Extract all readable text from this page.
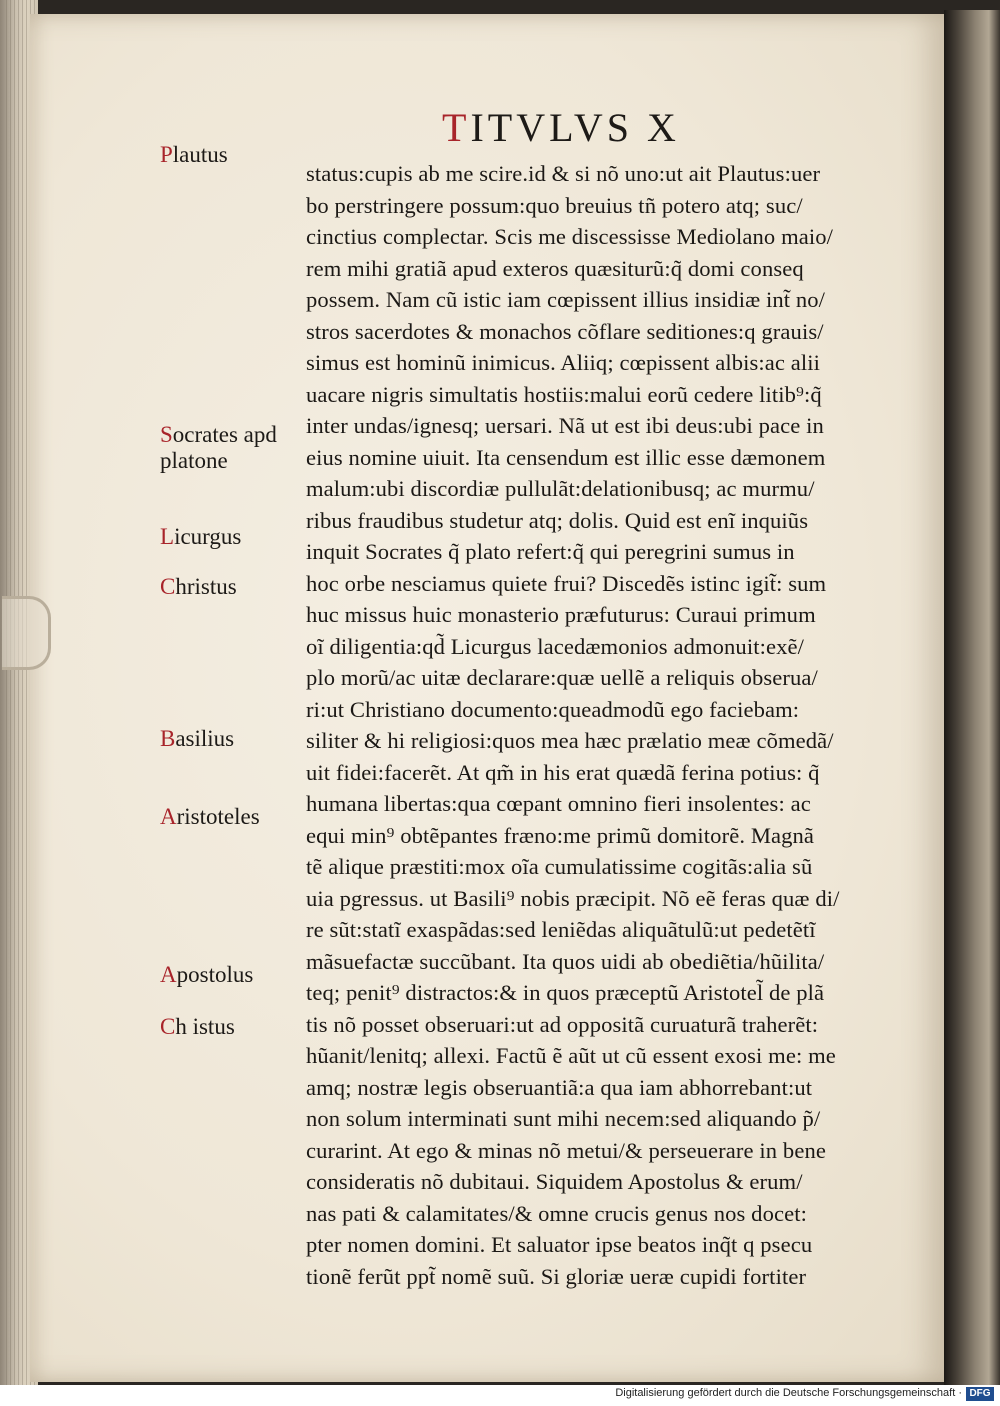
TITVLVS X
Plautus
Socrates apd
platone
Licurgus
Christus
Basilius
Aristoteles
Apostolus
Ch istus
status:cupis ab me scire.id & si nõ uno:ut ait Plautus:uer
bo perstringere possum:quo breuius tñ potero atq; suc/
cinctius complectar. Scis me discessisse Mediolano maio/
rem mihi gratiã apud exteros quæsiturũ:q̃ domi conseq
possem. Nam cũ istic iam cœpissent illius insidiæ int̃ no/
stros sacerdotes & monachos cõflare seditiones:q grauis/
simus est hominũ inimicus. Aliiq; cœpissent albis:ac alii
uacare nigris simultatis hostiis:malui eorũ cedere litib⁹:q̃
inter undas/ignesq; uersari. Nã ut est ibi deus:ubi pace in
eius nomine uiuit. Ita censendum est illic esse dæmonem
malum:ubi discordiæ pullulãt:delationibusq; ac murmu/
ribus fraudibus studetur atq; dolis. Quid est enĩ inquiũs
inquit Socrates q̃ plato refert:q̃ qui peregrini sumus in
hoc orbe nesciamus quiete frui? Discedẽs istinc igit̃: sum
huc missus huic monasterio præfuturus: Curaui primum
oĩ diligentia:qd̃ Licurgus lacedæmonios admonuit:exẽ/
plo morũ/ac uitæ declarare:quæ uellẽ a reliquis obserua/
ri:ut Christiano documento:queadmodũ ego faciebam:
siliter & hi religiosi:quos mea hæc prælatio meæ cõmedã/
uit fidei:facerẽt. At qm̃ in his erat quædã ferina potius: q̃
humana libertas:qua cœpant omnino fieri insolentes: ac
equi min⁹ obtẽpantes fræno:me primũ domitorẽ. Magnã
tẽ alique præstiti:mox oĩa cumulatissime cogitãs:alia sũ
uia pgressus. ut Basili⁹ nobis præcipit. Nõ eẽ feras quæ di/
re sũt:statĩ exaspãdas:sed leniẽdas aliquãtulũ:ut pedetẽtĩ
mãsuefactæ succũbant. Ita quos uidi ab obediẽtia/hũilita/
teq; penit⁹ distractos:& in quos præceptũ Aristotel̃ de plã
tis nõ posset obseruari:ut ad oppositã curuaturã traherẽt:
hũanit/lenitq; allexi. Factũ ẽ aũt ut cũ essent exosi me: me
amq; nostræ legis obseruantiã:a qua iam abhorrebant:ut
non solum interminati sunt mihi necem:sed aliquando p̃/
curarint. At ego & minas nõ metui/& perseuerare in bene
consideratis nõ dubitaui. Siquidem Apostolus & erum/
nas pati & calamitates/& omne crucis genus nos docet:
pter nomen domini. Et saluator ipse beatos inq̃t q psecu
tionẽ ferũt ppt̃ nomẽ suũ. Si gloriæ ueræ cupidi fortiter
Digitalisierung gefördert durch die Deutsche Forschungsgemeinschaft · DFG
